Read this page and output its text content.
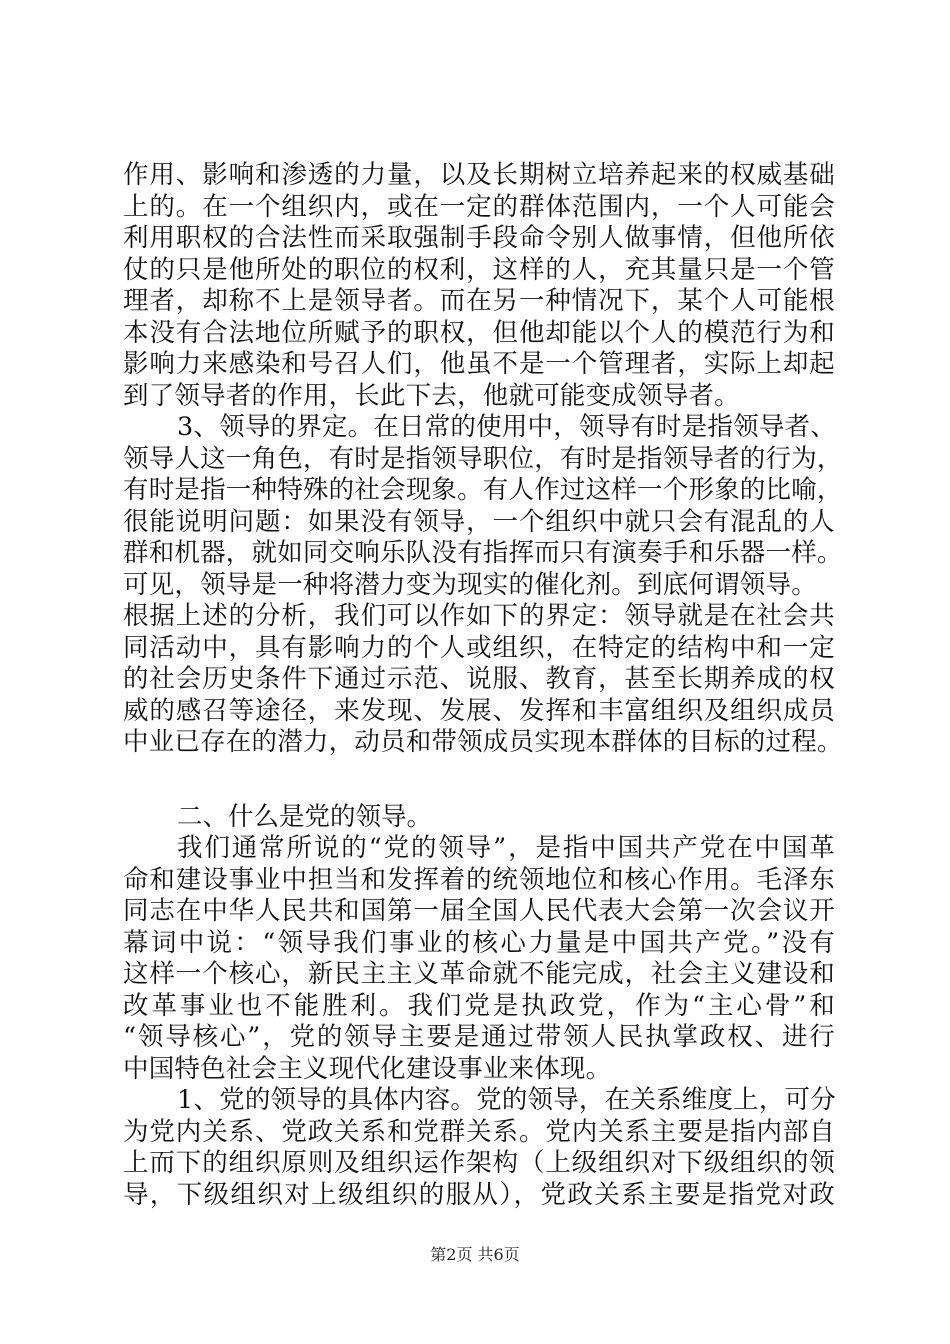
作用、影响和渗透的力量，以及长期树立培养起来的权威基础
上的。在一个组织内，或在一定的群体范围内，一个人可能会
利用职权的合法性而采取强制手段命令别人做事情，但他所依
仗的只是他所处的职位的权利，这样的人，充其量只是一个管
理者，却称不上是领导者。而在另一种情况下，某个人可能根
本没有合法地位所赋予的职权，但他却能以个人的模范行为和
影响力来感染和号召人们，他虽不是一个管理者，实际上却起
到了领导者的作用，长此下去，他就可能变成领导者。
3、领导的界定。在日常的使用中，领导有时是指领导者、
领导人这一角色，有时是指领导职位，有时是指领导者的行为，
有时是指一种特殊的社会现象。有人作过这样一个形象的比喻，
很能说明问题：如果没有领导，一个组织中就只会有混乱的人
群和机器，就如同交响乐队没有指挥而只有演奏手和乐器一样。
可见，领导是一种将潜力变为现实的催化剂。到底何谓领导。
根据上述的分析，我们可以作如下的界定：领导就是在社会共
同活动中，具有影响力的个人或组织，在特定的结构中和一定
的社会历史条件下通过示范、说服、教育，甚至长期养成的权
威的感召等途径，来发现、发展、发挥和丰富组织及组织成员
中业已存在的潜力，动员和带领成员实现本群体的目标的过程。
二、什么是党的领导。
我们通常所说的“党的领导”，是指中国共产党在中国革
命和建设事业中担当和发挥着的统领地位和核心作用。毛泽东
同志在中华人民共和国第一届全国人民代表大会第一次会议开
幕词中说：“领导我们事业的核心力量是中国共产党。”没有
这样一个核心，新民主主义革命就不能完成，社会主义建设和
改革事业也不能胜利。我们党是执政党，作为“主心骨”和
“领导核心”，党的领导主要是通过带领人民执掌政权、进行
中国特色社会主义现代化建设事业来体现。
1、党的领导的具体内容。党的领导，在关系维度上，可分
为党内关系、党政关系和党群关系。党内关系主要是指内部自
上而下的组织原则及组织运作架构（上级组织对下级组织的领
导，下级组织对上级组织的服从），党政关系主要是指党对政
第2页 共6页
